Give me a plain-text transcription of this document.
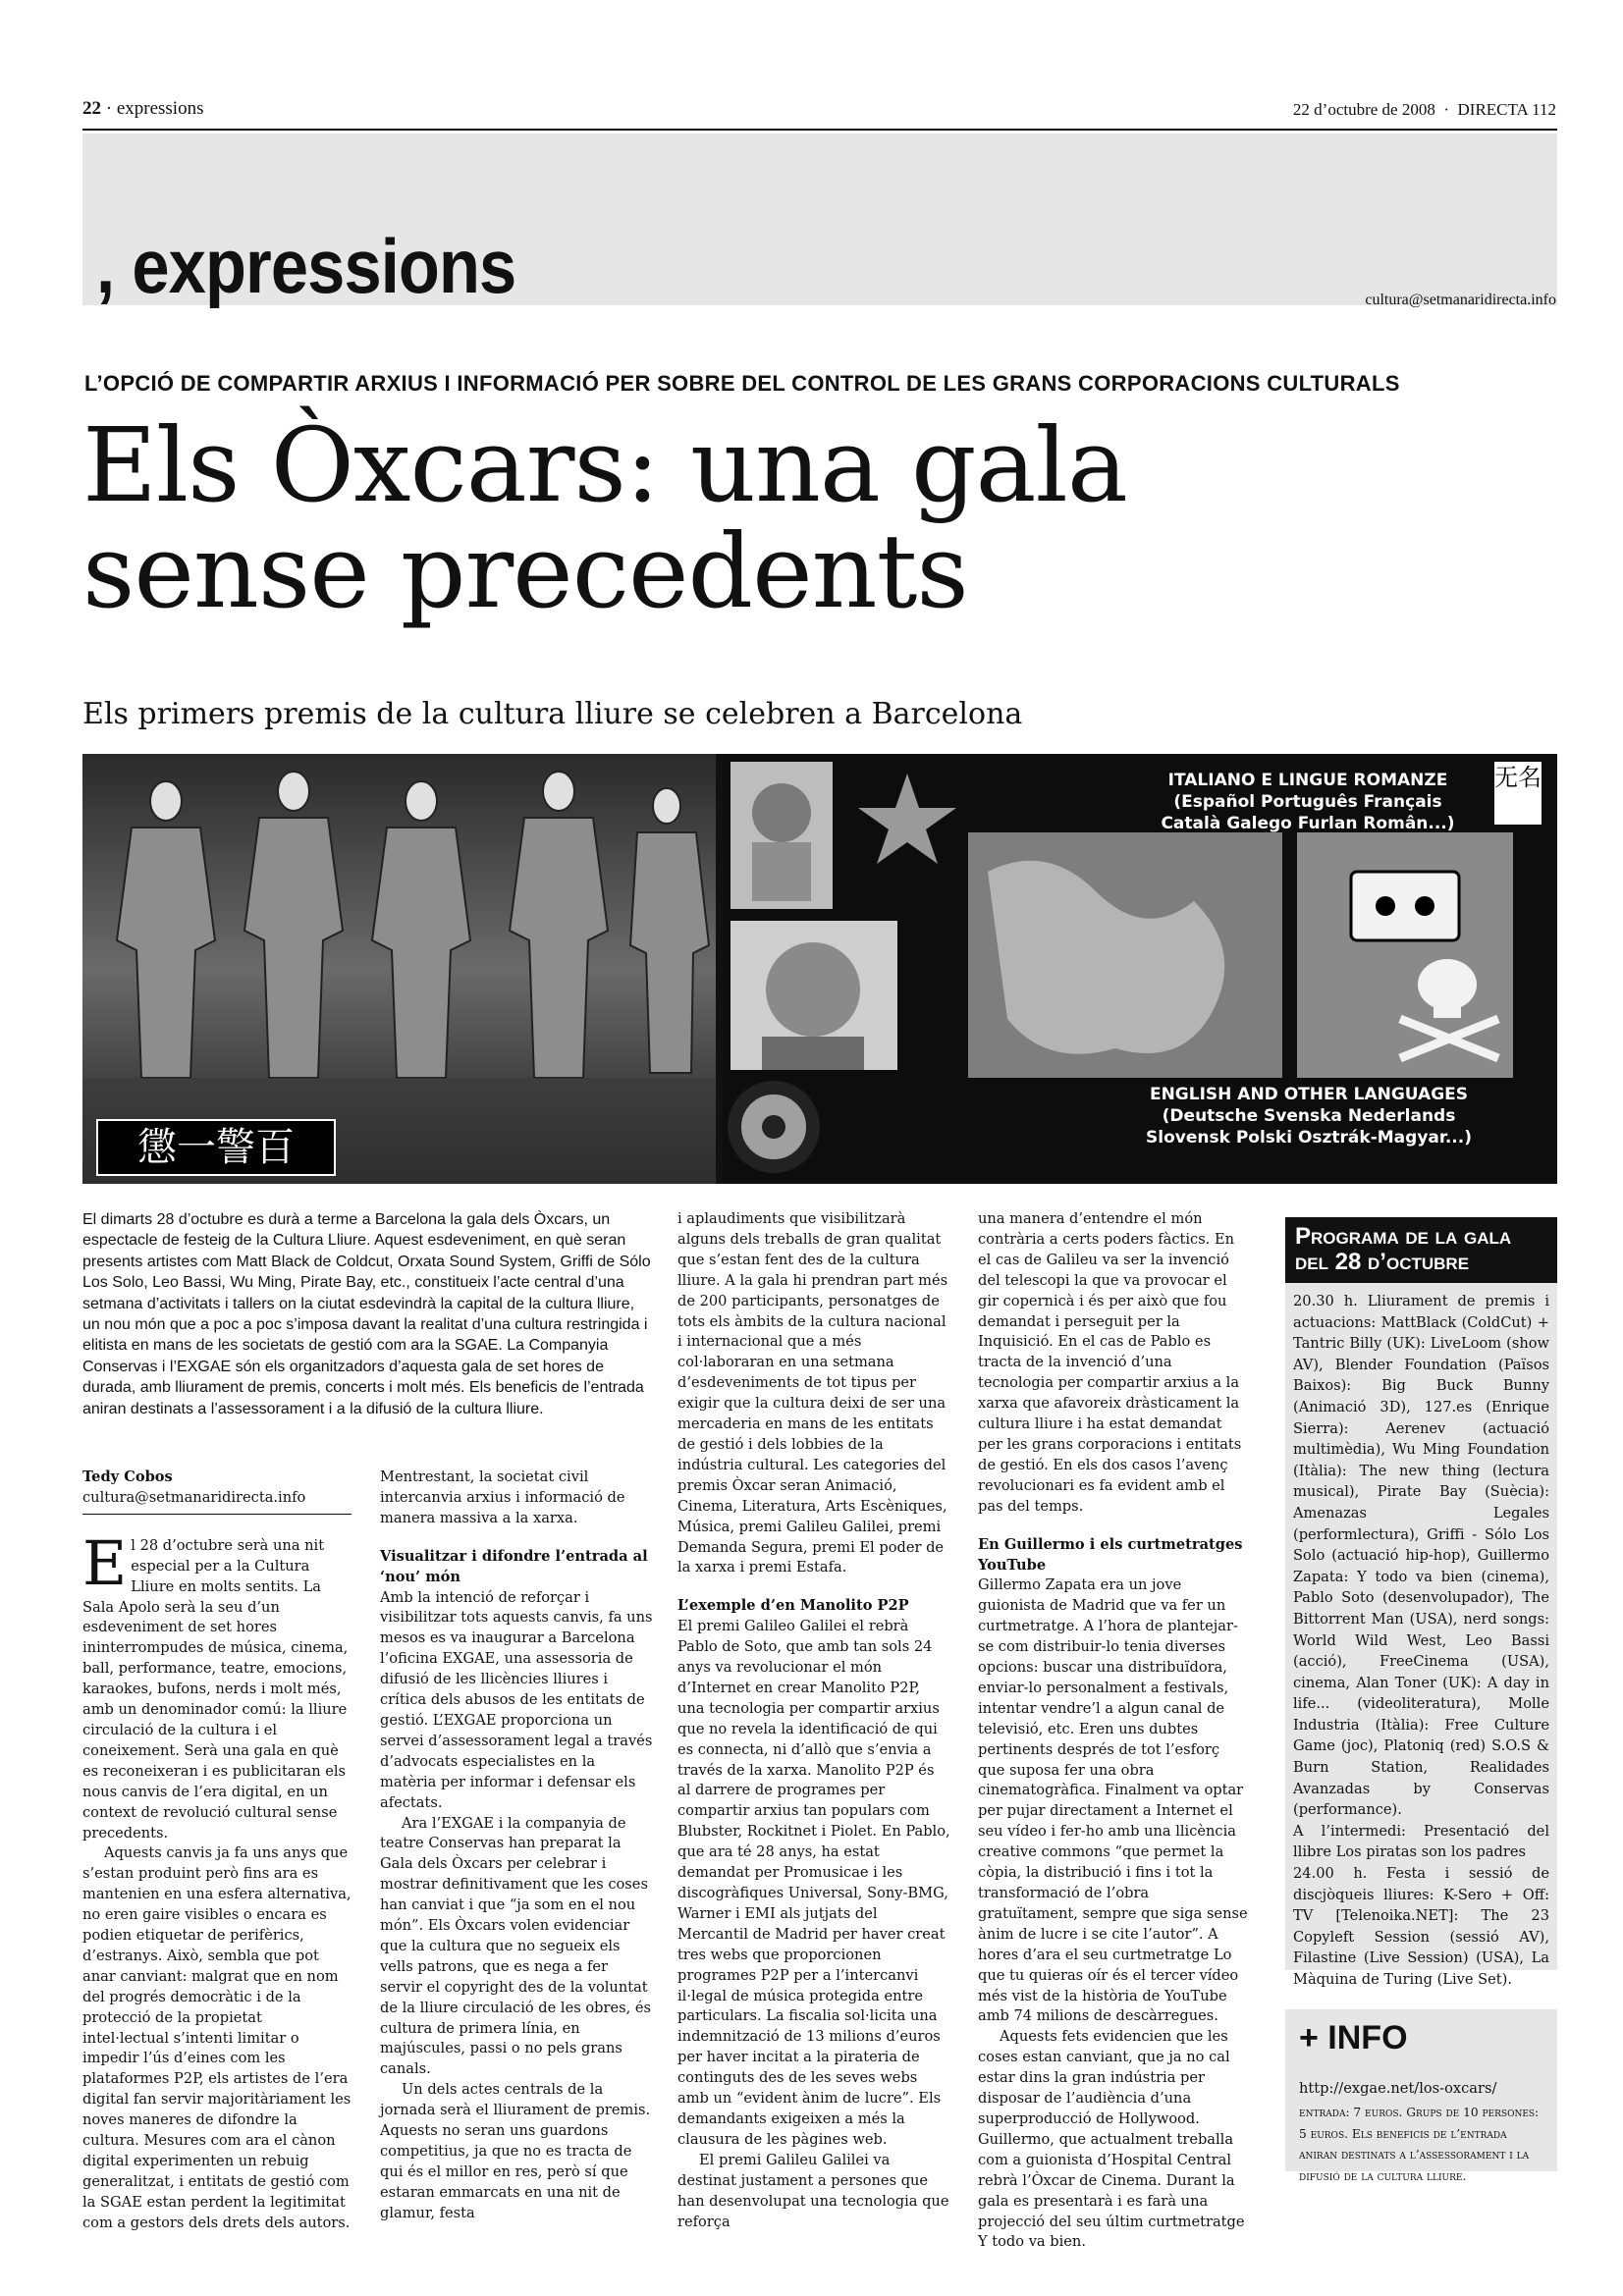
22 · expressions	22 d’octubre de 2008 · DIRECTA 112
, expressions	cultura@setmanaridirecta.info
L’OPCIÓ DE COMPARTIR ARXIUS I INFORMACIÓ PER SOBRE DEL CONTROL DE LES GRANS CORPORACIONS CULTURALS
Els Òxcars: una gala
sense precedents
Els primers premis de la cultura lliure se celebren a Barcelona
懲一警百
无名
ITALIANO E LINGUE ROMANZE
(Español Português Français
Català Galego Furlan Român...)
ENGLISH AND OTHER LANGUAGES
(Deutsche Svenska Nederlands
Slovensk Polski Osztrák-Magyar...)
El dimarts 28 d’octubre es durà a terme a Barcelona la gala dels Òxcars, un espectacle de festeig de la Cultura Lliure. Aquest esdeveniment, en què seran presents artistes com Matt Black de Coldcut, Orxata Sound System, Griffi de Sólo Los Solo, Leo Bassi, Wu Ming, Pirate Bay, etc., constitueix l’acte central d’una setmana d’activitats i tallers on la ciutat esdevindrà la capital de la cultura lliure, un nou món que a poc a poc s’imposa davant la realitat d’una cultura restringida i elitista en mans de les societats de gestió com ara la SGAE. La Companyia Conservas i l’EXGAE són els organitzadors d’aquesta gala de set hores de durada, amb lliurament de premis, concerts i molt més. Els beneficis de l’entrada aniran destinats a l’assessorament i a la difusió de la cultura lliure.
Tedy Cobos
cultura@setmanaridirecta.info

El 28 d’octubre serà una nit especial per a la Cultura Lliure en molts sentits. La Sala Apolo serà la seu d’un esdeveniment de set hores ininterrompudes de música, cinema, ball, performance, teatre, emocions, karaokes, bufons, nerds i molt més, amb un denominador comú: la lliure circulació de la cultura i el coneixement. Serà una gala en què es reconeixeran i es publicitaran els nous canvis de l’era digital, en un context de revolució cultural sense precedents.

Aquests canvis ja fa uns anys que s’estan produint però fins ara es mantenien en una esfera alternativa, no eren gaire visibles o encara es podien etiquetar de perifèrics, d’estranys. Això, sembla que pot anar canviant: malgrat que en nom del progrés democràtic i de la protecció de la propietat intel·lectual s’intenti limitar o impedir l’ús d’eines com les plataformes P2P, els artistes de l’era digital fan servir majoritàriament les noves maneres de difondre la cultura. Mesures com ara el cànon digital experimenten un rebuig generalitzat, i entitats de gestió com la SGAE estan perdent la legitimitat com a gestors dels drets dels autors.

Mentrestant, la societat civil intercanvia arxius i informació de manera massiva a la xarxa.

Visualitzar i difondre l’entrada al ‘nou’ món

Amb la intenció de reforçar i visibilitzar tots aquests canvis, fa uns mesos es va inaugurar a Barcelona l’oficina EXGAE, una assessoria de difusió de les llicències lliures i crítica dels abusos de les entitats de gestió. L’EXGAE proporciona un servei d’assessorament legal a través d’advocats especialistes en la matèria per informar i defensar els afectats.

Ara l’EXGAE i la companyia de teatre Conservas han preparat la Gala dels Òxcars per celebrar i mostrar definitivament que les coses han canviat i que “ja som en el nou món”. Els Òxcars volen evidenciar que la cultura que no segueix els vells patrons, que es nega a fer servir el copyright des de la voluntat de la lliure circulació de les obres, és cultura de primera línia, en majúscules, passi o no pels grans canals.

Un dels actes centrals de la jornada serà el lliurament de premis. Aquests no seran uns guardons competitius, ja que no es tracta de qui és el millor en res, però sí que estaran emmarcats en una nit de glamur, festa

i aplaudiments que visibilitzarà alguns dels treballs de gran qualitat que s’estan fent des de la cultura lliure. A la gala hi prendran part més de 200 participants, personatges de tots els àmbits de la cultura nacional i internacional que a més col·laboraran en una setmana d’esdeveniments de tot tipus per exigir que la cultura deixi de ser una mercaderia en mans de les entitats de gestió i dels lobbies de la indústria cultural. Les categories del premis Òxcar seran Animació, Cinema, Literatura, Arts Escèniques, Música, premi Galileu Galilei, premi Demanda Segura, premi El poder de la xarxa i premi Estafa.

L’exemple d’en Manolito P2P

El premi Galileo Galilei el rebrà Pablo de Soto, que amb tan sols 24 anys va revolucionar el món d’Internet en crear Manolito P2P, una tecnologia per compartir arxius que no revela la identificació de qui es connecta, ni d’allò que s’envia a través de la xarxa. Manolito P2P és al darrere de programes per compartir arxius tan populars com Blubster, Rockitnet i Piolet. En Pablo, que ara té 28 anys, ha estat demandat per Promusicae i les discogràfiques Universal, Sony-BMG, Warner i EMI als jutjats del Mercantil de Madrid per haver creat tres webs que proporcionen programes P2P per a l’intercanvi il·legal de música protegida entre particulars. La fiscalia sol·licita una indemnització de 13 milions d’euros per haver incitat a la pirateria de continguts des de les seves webs amb un “evident ànim de lucre”. Els demandants exigeixen a més la clausura de les pàgines web.

El premi Galileu Galilei va destinat justament a persones que han desenvolupat una tecnologia que reforça

una manera d’entendre el món contrària a certs poders fàctics. En el cas de Galileu va ser la invenció del telescopi la que va provocar el gir copernicà i és per això que fou demandat i perseguit per la Inquisició. En el cas de Pablo es tracta de la invenció d’una tecnologia per compartir arxius a la xarxa que afavoreix dràsticament la cultura lliure i ha estat demandat per les grans corporacions i entitats de gestió. En els dos casos l’avenç revolucionari es fa evident amb el pas del temps.

En Guillermo i els curtmetratges YouTube

Gillermo Zapata era un jove guionista de Madrid que va fer un curtmetratge. A l’hora de plantejar-se com distribuir-lo tenia diverses opcions: buscar una distribuïdora, enviar-lo personalment a festivals, intentar vendre’l a algun canal de televisió, etc. Eren uns dubtes pertinents després de tot l’esforç que suposa fer una obra cinematogràfica. Finalment va optar per pujar directament a Internet el seu vídeo i fer-ho amb una llicència creative commons “que permet la còpia, la distribució i fins i tot la transformació de l’obra gratuïtament, sempre que siga sense ànim de lucre i se cite l’autor”. A hores d’ara el seu curtmetratge Lo que tu quieras oír és el tercer vídeo més vist de la història de YouTube amb 74 milions de descàrregues.

Aquests fets evidencien que les coses estan canviant, que ja no cal estar dins la gran indústria per disposar de l’audiència d’una superproducció de Hollywood. Guillermo, que actualment treballa com a guionista d’Hospital Central rebrà l’Òxcar de Cinema. Durant la gala es presentarà i es farà una projecció del seu últim curtmetratge Y todo va bien.

Programa de la gala
del 28 d’octubre

20.30 h. Lliurament de premis i actuacions: MattBlack (ColdCut) + Tantric Billy (UK): LiveLoom (show AV), Blender Foundation (Països Baixos): Big Buck Bunny (Animació 3D), 127.es (Enrique Sierra): Aerenev (actuació multimèdia), Wu Ming Foundation (Itàlia): The new thing (lectura musical), Pirate Bay (Suècia): Amenazas Legales (performlectura), Griffi - Sólo Los Solo (actuació hip-hop), Guillermo Zapata: Y todo va bien (cinema), Pablo Soto (desenvolupador), The Bittorrent Man (USA), nerd songs: World Wild West, Leo Bassi (acció), FreeCinema (USA), cinema, Alan Toner (UK): A day in life... (videoliteratura), Molle Industria (Itàlia): Free Culture Game (joc), Platoniq (red) S.O.S & Burn Station, Realidades Avanzadas by Conservas (performance).

A l’intermedi: Presentació del llibre Los piratas son los padres

24.00 h. Festa i sessió de discjòqueis lliures: K-Sero + Off: TV [Telenoika.NET]: The 23 Copyleft Session (sessió AV), Filastine (Live Session) (USA), La Màquina de Turing (Live Set).

+ INFO
http://exgae.net/los-oxcars/
entrada: 7 euros. Grups de 10 persones: 5 euros. Els beneficis de l’entrada aniran destinats a l’assessorament i la difusió de la cultura lliure.
